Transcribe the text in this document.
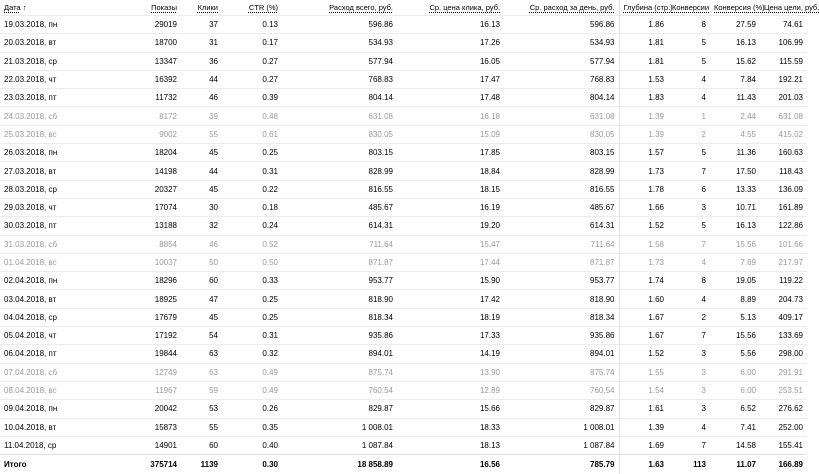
Дата ↑	Показы	Клики	CTR (%)	Расход всего, руб.	Ср. цена клика, руб.	Ср. расход за день, руб.	Глубина (стр.)	Конверсии	Конверсия (%)	Цена цели, руб.
19.03.2018, пн	29019	37	0.13	596.86	16.13	596.86	1.86	8	27.59	74.61
20.03.2018, вт	18700	31	0.17	534.93	17.26	534.93	1.81	5	16.13	106.99
21.03.2018, ср	13347	36	0.27	577.94	16.05	577.94	1.81	5	15.62	115.59
22.03.2018, чт	16392	44	0.27	768.83	17.47	768.83	1.53	4	7.84	192.21
23.03.2018, пт	11732	46	0.39	804.14	17.48	804.14	1.83	4	11.43	201.03
24.03.2018, сб	8172	39	0.48	631.08	16.18	631.08	1.39	1	2.44	631.08
25.03.2018, вс	9002	55	0.61	830.05	15.09	830.05	1.39	2	4.55	415.02
26.03.2018, пн	18204	45	0.25	803.15	17.85	803.15	1.57	5	11.36	160.63
27.03.2018, вт	14198	44	0.31	828.99	18.84	828.99	1.73	7	17.50	118.43
28.03.2018, ср	20327	45	0.22	816.55	18.15	816.55	1.78	6	13.33	136.09
29.03.2018, чт	17074	30	0.18	485.67	16.19	485.67	1.66	3	10.71	161.89
30.03.2018, пт	13188	32	0.24	614.31	19.20	614.31	1.52	5	16.13	122.86
31.03.2018, сб	8854	46	0.52	711.64	15.47	711.64	1.58	7	15.56	101.66
01.04.2018, вс	10037	50	0.50	871.87	17.44	871.87	1.73	4	7.69	217.97
02.04.2018, пн	18296	60	0.33	953.77	15.90	953.77	1.74	8	19.05	119.22
03.04.2018, вт	18925	47	0.25	818.90	17.42	818.90	1.60	4	8.89	204.73
04.04.2018, ср	17679	45	0.25	818.34	18.19	818.34	1.67	2	5.13	409.17
05.04.2018, чт	17192	54	0.31	935.86	17.33	935.86	1.67	7	15.56	133.69
06.04.2018, пт	19844	63	0.32	894.01	14.19	894.01	1.52	3	5.56	298.00
07.04.2018, сб	12749	63	0.49	875.74	13.90	875.74	1.55	3	6.00	291.91
08.04.2018, вс	11967	59	0.49	760.54	12.89	760.54	1.54	3	6.00	253.51
09.04.2018, пн	20042	53	0.26	829.87	15.66	829.87	1.61	3	6.52	276.62
10.04.2018, вт	15873	55	0.35	1 008.01	18.33	1 008.01	1.39	4	7.41	252.00
11.04.2018, ср	14901	60	0.40	1 087.84	18.13	1 087.84	1.69	7	14.58	155.41
Итого	375714	1139	0.30	18 858.89	16.56	785.79	1.63	113	11.07	166.89
